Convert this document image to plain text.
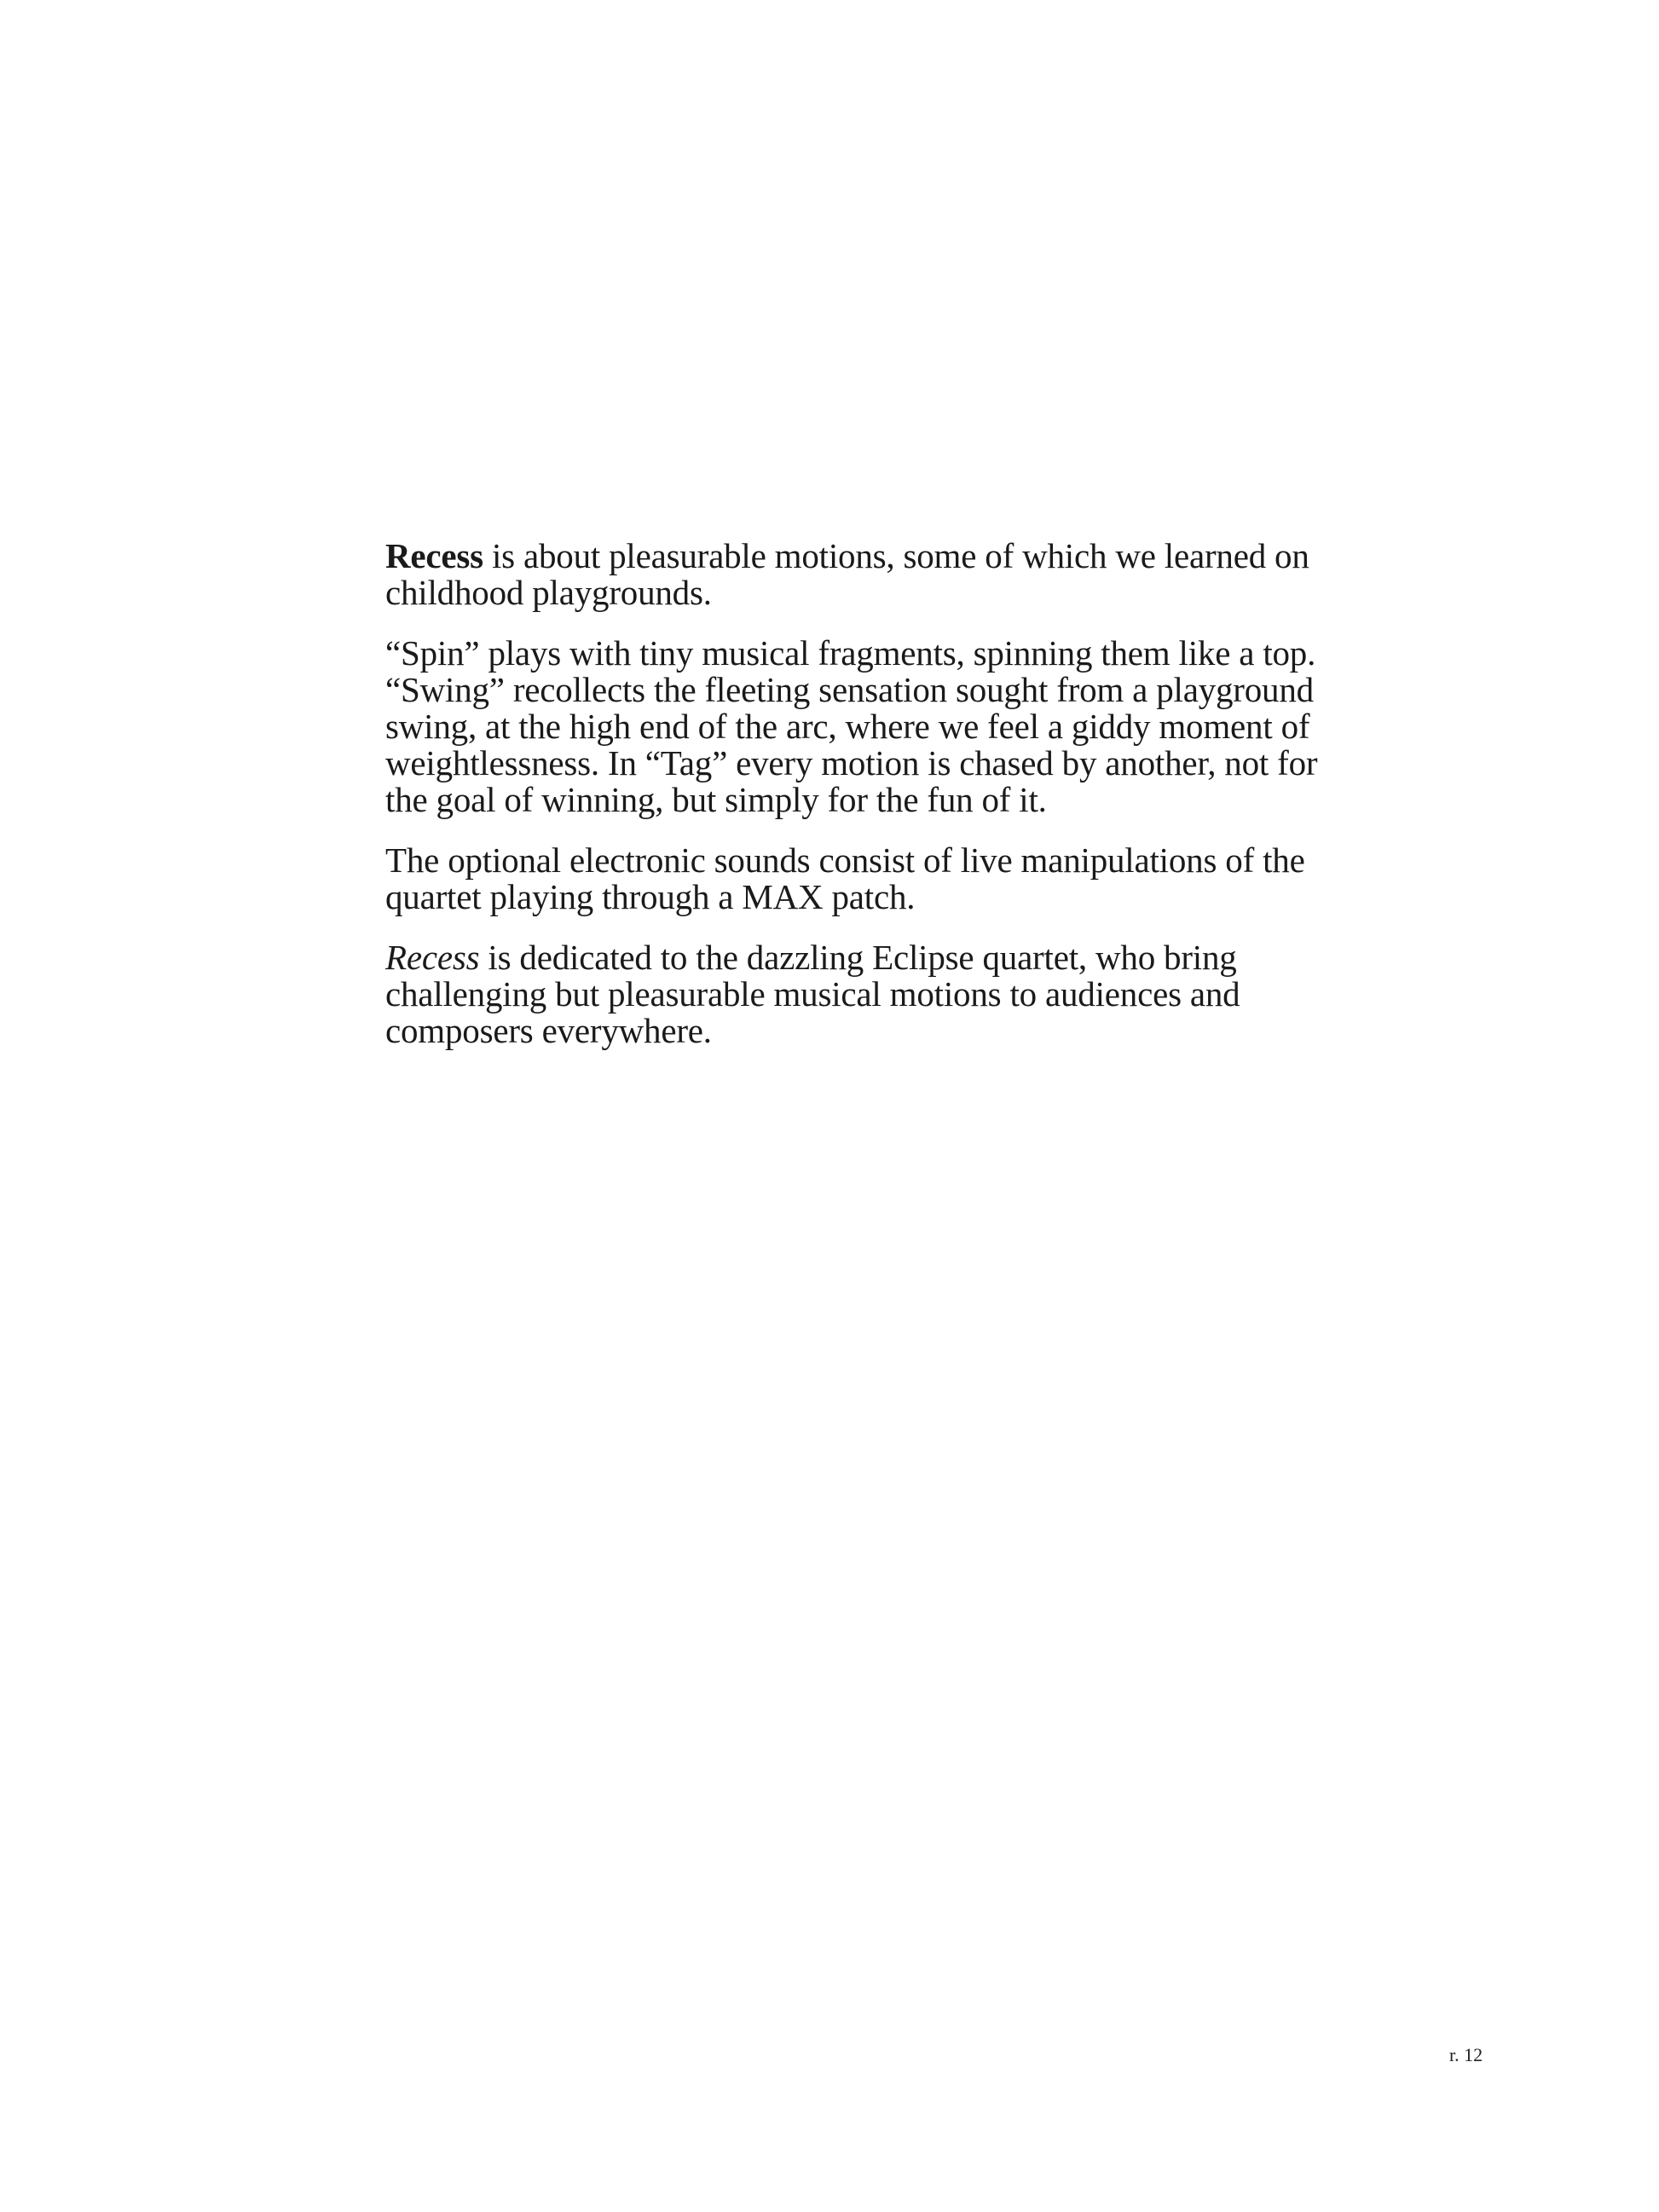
Recess is about pleasurable motions, some of which we learned on childhood playgrounds.

“Spin” plays with tiny musical fragments, spinning them like a top. “Swing” recollects the fleeting sensation sought from a playground swing, at the high end of the arc, where we feel a giddy moment of weightlessness. In “Tag” every motion is chased by another, not for the goal of winning, but simply for the fun of it.

The optional electronic sounds consist of live manipulations of the quartet playing through a MAX patch.

Recess is dedicated to the dazzling Eclipse quartet, who bring challenging but pleasurable musical motions to audiences and composers everywhere.

r. 12
